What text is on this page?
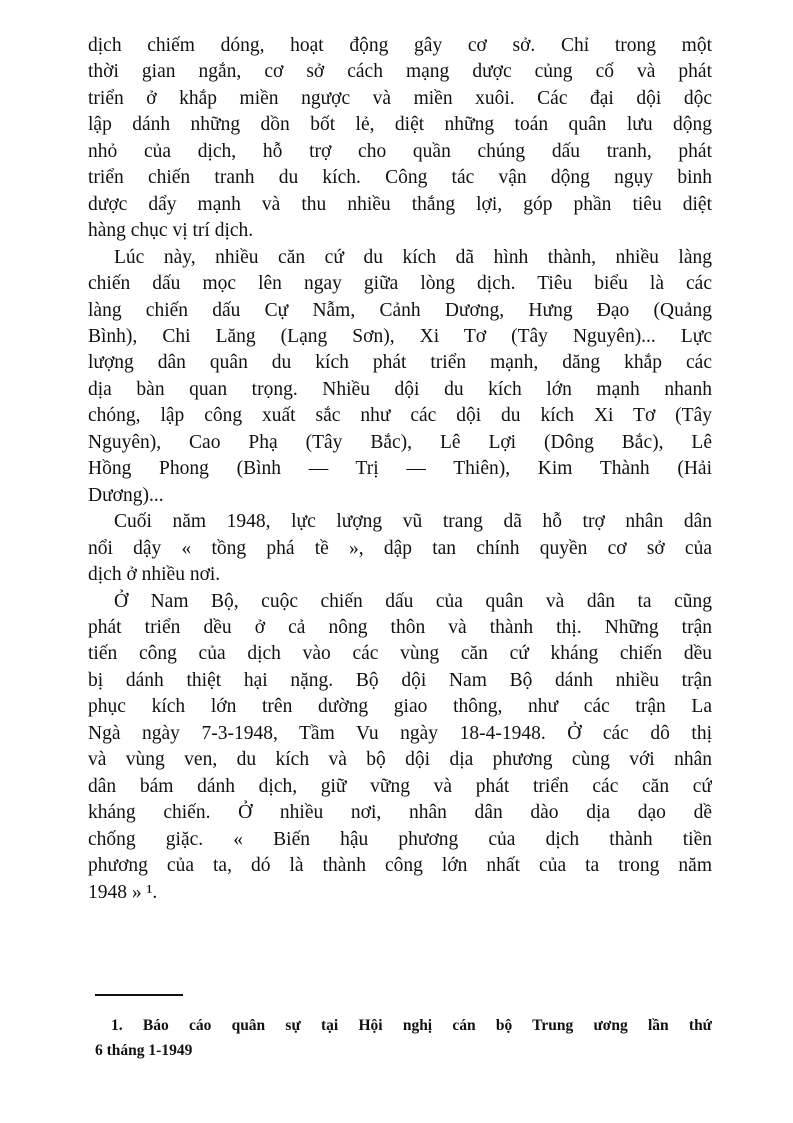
dịch chiếm dóng, hoạt động gây cơ sở. Chỉ trong một
thời gian ngắn, cơ sở cách mạng dược củng cố và phát
triển ở khắp miền ngược và miền xuôi. Các đại dội dộc
lập dánh những dồn bốt lẻ, diệt những toán quân lưu dộng
nhỏ của dịch, hỗ trợ cho quần chúng dấu tranh, phát
triển chiến tranh du kích. Công tác vận dộng ngụy binh
dược dẩy mạnh và thu nhiều thắng lợi, góp phần tiêu diệt
hàng chục vị trí dịch.
Lúc này, nhiều căn cứ du kích dã hình thành, nhiều làng
chiến dấu mọc lên ngay giữa lòng dịch. Tiêu biểu là các
làng chiến dấu Cự Nẫm, Cảnh Dương, Hưng Đạo (Quảng
Bình), Chi Lăng (Lạng Sơn), Xi Tơ (Tây Nguyên)... Lực
lượng dân quân du kích phát triển mạnh, dăng khắp các
dịa bàn quan trọng. Nhiều dội du kích lớn mạnh nhanh
chóng, lập công xuất sắc như các dội du kích Xi Tơ (Tây
Nguyên), Cao Phạ (Tây Bắc), Lê Lợi (Dông Bắc), Lê
Hồng Phong (Bình — Trị — Thiên), Kim Thành (Hải
Dương)...
Cuối năm 1948, lực lượng vũ trang dã hỗ trợ nhân dân
nổi dậy « tồng phá tề », dập tan chính quyền cơ sở của
dịch ở nhiều nơi.
Ở Nam Bộ, cuộc chiến dấu của quân và dân ta cũng
phát triển dều ở cả nông thôn và thành thị. Những trận
tiến công của dịch vào các vùng căn cứ kháng chiến dều
bị dánh thiệt hại nặng. Bộ dội Nam Bộ dánh nhiều trận
phục kích lớn trên dường giao thông, như các trận La
Ngà ngày 7-3-1948, Tầm Vu ngày 18-4-1948. Ở các dô thị
và vùng ven, du kích và bộ dội dịa phương cùng với nhân
dân bám dánh dịch, giữ vững và phát triển các căn cứ
kháng chiến. Ở nhiều nơi, nhân dân dào dịa dạo dề
chống giặc. « Biến hậu phương của dịch thành tiền
phương của ta, dó là thành công lớn nhất của ta trong năm
1948 » ¹.
1. Báo cáo quân sự tại Hội nghị cán bộ Trung ương lần thứ
6 tháng 1-1949
